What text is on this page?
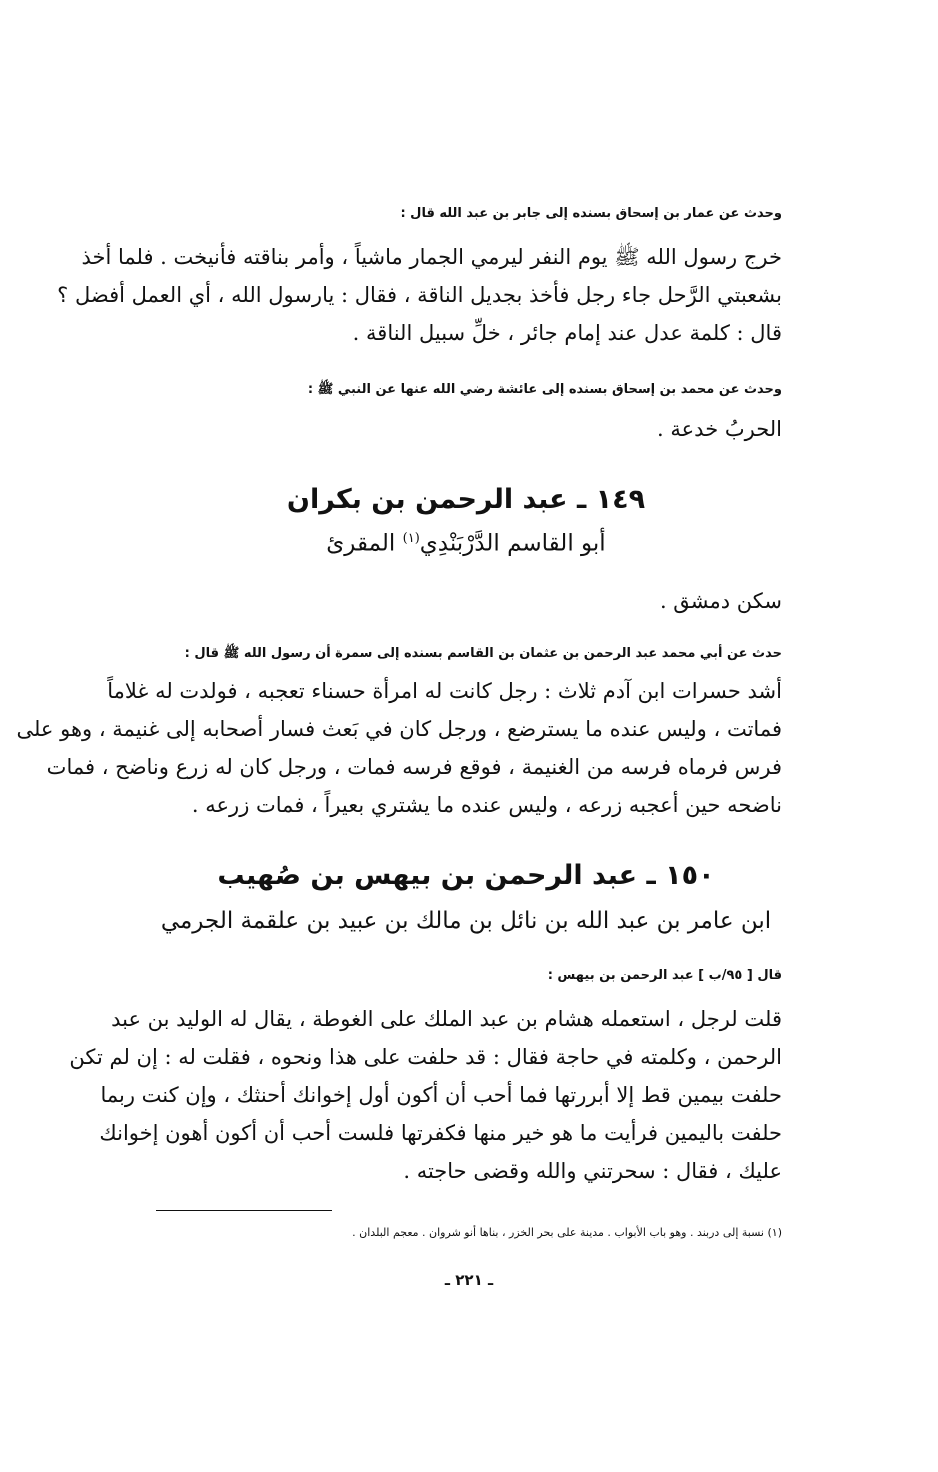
وحدث عن عمار بن إسحاق بسنده إلى جابر بن عبد الله قال :

خرج رسول الله ﷺ يوم النفر ليرمي الجمار ماشياً ، وأمر بناقته فأنيخت . فلما أخذ

بشعبتي الرَّحل جاء رجل فأخذ بجديل الناقة ، فقال : يارسول الله ، أي العمل أفضل ؟

قال : كلمة عدل عند إمام جائر ، خلِّ سبيل الناقة .

وحدث عن محمد بن إسحاق بسنده إلى عائشة رضي الله عنها عن النبي ﷺ :

الحربُ خدعة .

١٤٩ ـ عبد الرحمن بن بكران
أبو القاسم الدَّرْبَنْدِي$^{(١)}$ المقرئ

سكن دمشق .

حدث عن أبي محمد عبد الرحمن بن عثمان بن القاسم بسنده إلى سمرة أن رسول الله ﷺ قال :

أشد حسرات ابن آدم ثلاث : رجل كانت له امرأة حسناء تعجبه ، فولدت له غلاماً

فماتت ، وليس عنده ما يسترضع ، ورجل كان في بَعث فسار أصحابه إلى غنيمة ، وهو على

فرس فرماه فرسه من الغنيمة ، فوقع فرسه فمات ، ورجل كان له زرع وناضح ، فمات

ناضحه حين أعجبه زرعه ، وليس عنده ما يشتري بعيراً ، فمات زرعه .

١٥٠ ـ عبد الرحمن بن بيهس بن صُهيب
ابن عامر بن عبد الله بن نائل بن مالك بن عبيد بن علقمة الجرمي
قال [ ٩٥/ب ] عبد الرحمن بن بيهس :

قلت لرجل ، استعمله هشام بن عبد الملك على الغوطة ، يقال له الوليد بن عبد

الرحمن ، وكلمته في حاجة فقال : قد حلفت على هذا ونحوه ، فقلت له : إن لم تكن

حلفت بيمين قط إلا أبررتها فما أحب أن أكون أول إخوانك أحنثك ، وإن كنت ربما

حلفت باليمين فرأيت ما هو خير منها فكفرتها فلست أحب أن أكون أهون إخوانك

عليك ، فقال : سحرتني والله وقضى حاجته .

(١) نسبة إلى دربند . وهو باب الأبواب . مدينة على بحر الخزر ، بناها أنو شروان . معجم البلدان .
ـ ٢٢١ ـ
